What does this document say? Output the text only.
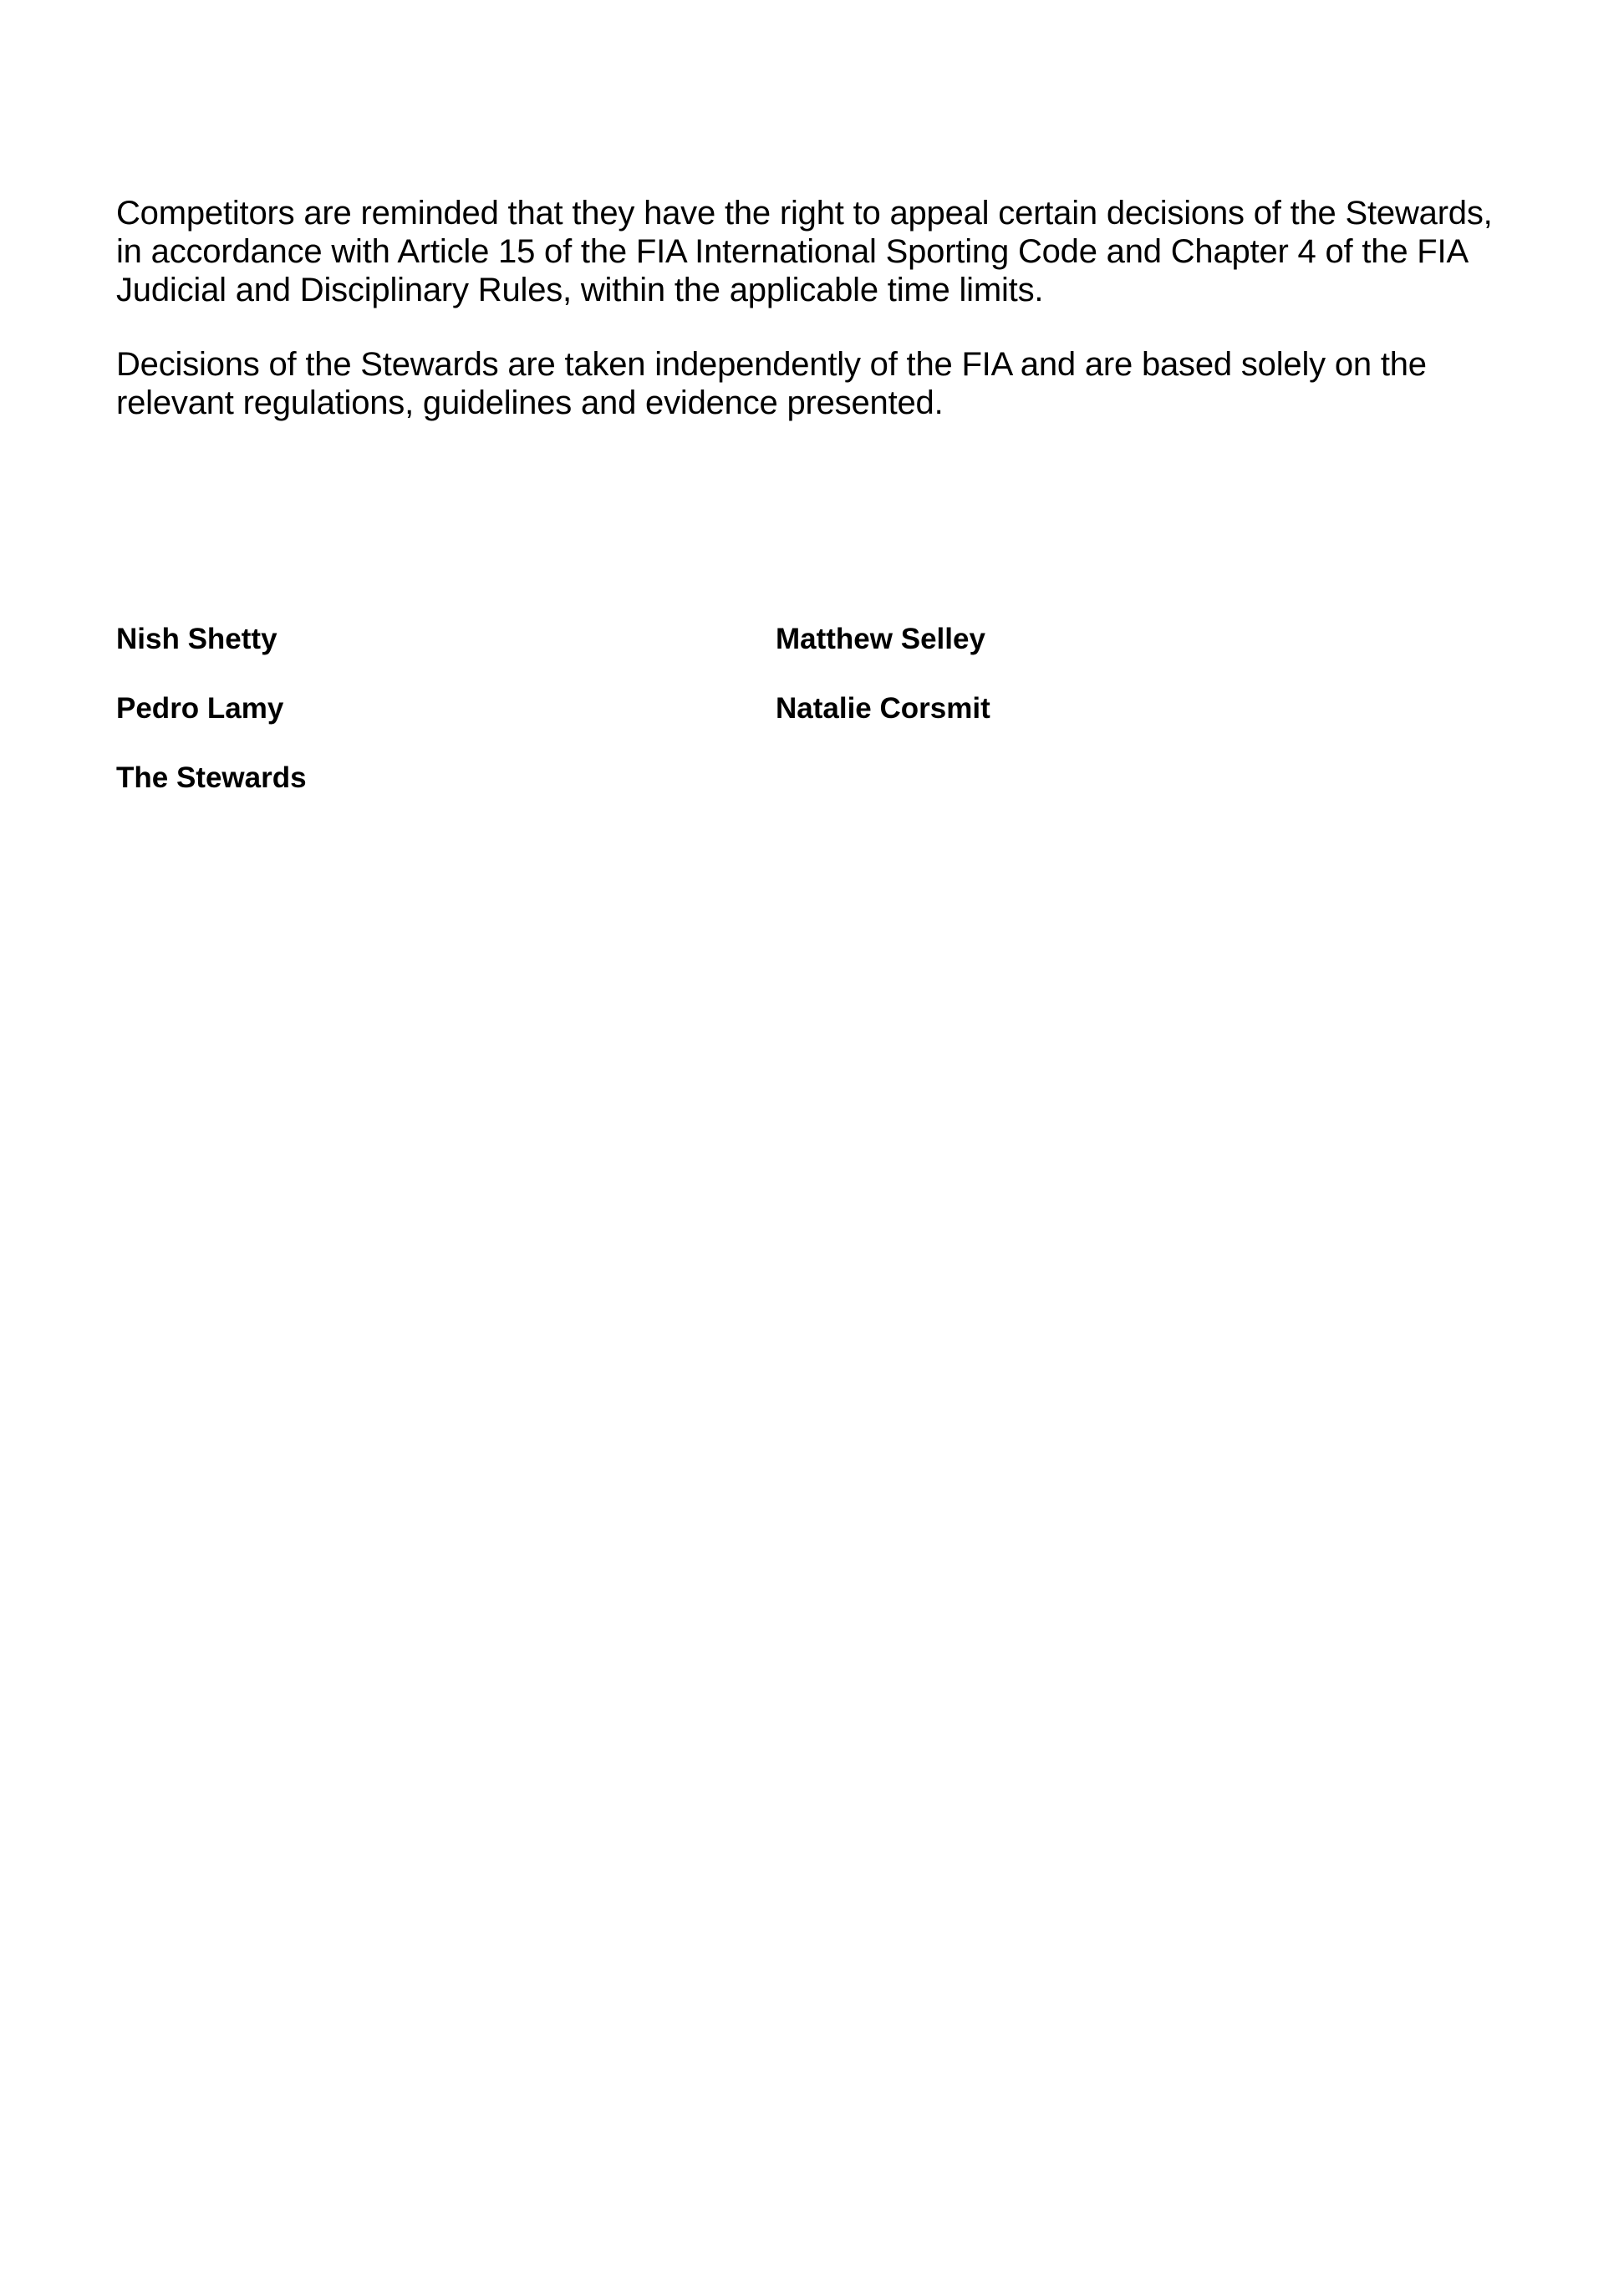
Competitors are reminded that they have the right to appeal certain decisions of the Stewards, in accordance with Article 15 of the FIA International Sporting Code and Chapter 4 of the FIA Judicial and Disciplinary Rules, within the applicable time limits.

Decisions of the Stewards are taken independently of the FIA and are based solely on the relevant regulations, guidelines and evidence presented.

Nish Shetty	Matthew Selley

Pedro Lamy	Natalie Corsmit

The Stewards
